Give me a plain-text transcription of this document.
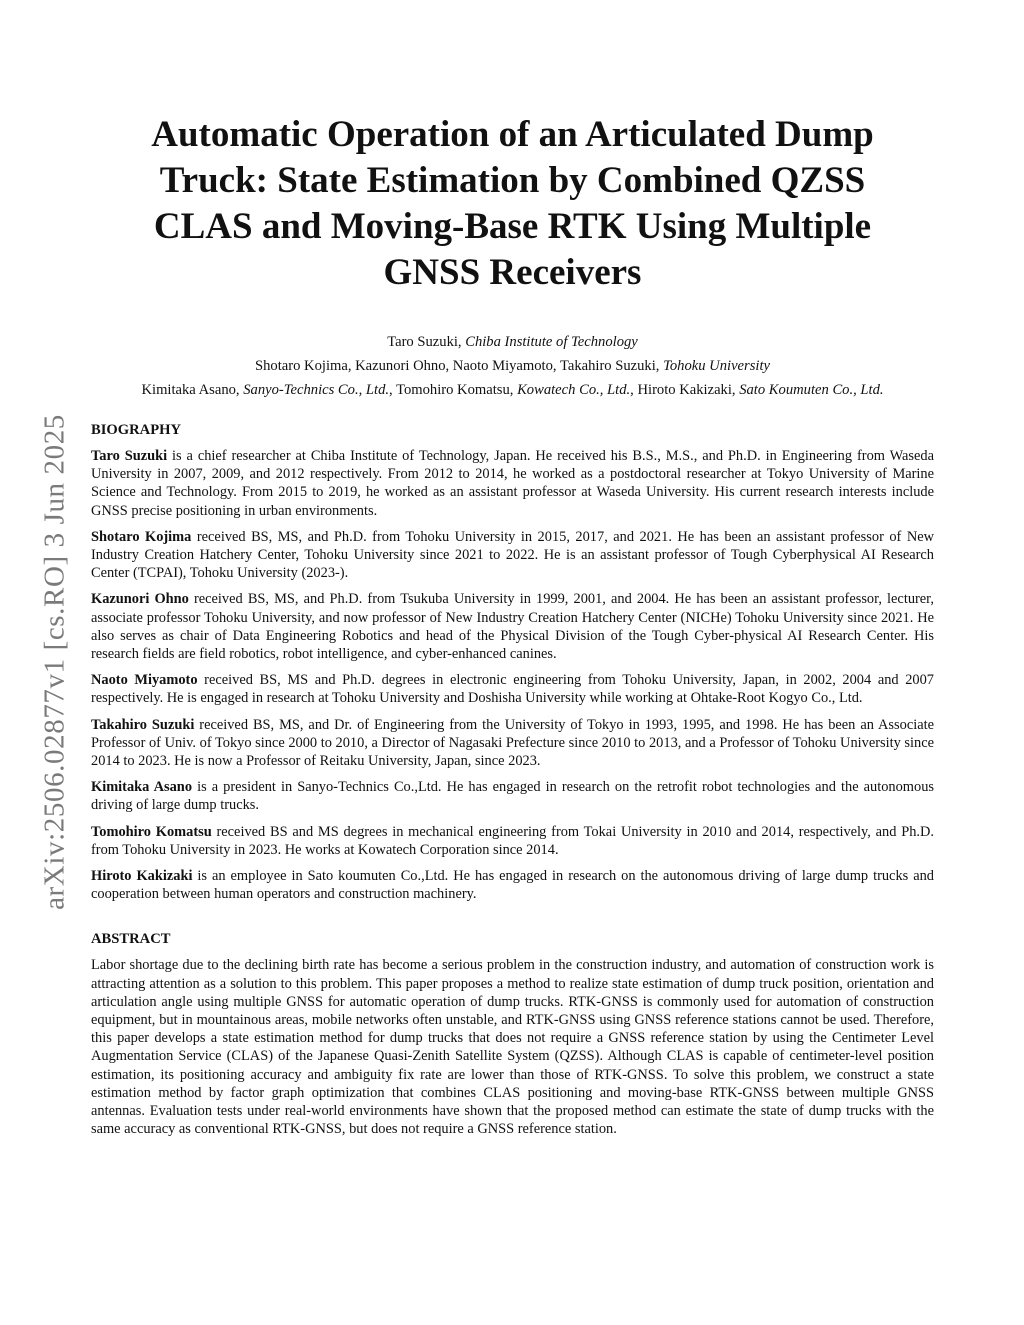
arXiv:2506.02877v1 [cs.RO] 3 Jun 2025
Automatic Operation of an Articulated Dump Truck: State Estimation by Combined QZSS CLAS and Moving-Base RTK Using Multiple GNSS Receivers
Taro Suzuki, Chiba Institute of Technology
Shotaro Kojima, Kazunori Ohno, Naoto Miyamoto, Takahiro Suzuki, Tohoku University
Kimitaka Asano, Sanyo-Technics Co., Ltd., Tomohiro Komatsu, Kowatech Co., Ltd., Hiroto Kakizaki, Sato Koumuten Co., Ltd.
BIOGRAPHY

Taro Suzuki is a chief researcher at Chiba Institute of Technology, Japan. He received his B.S., M.S., and Ph.D. in Engineering from Waseda University in 2007, 2009, and 2012 respectively. From 2012 to 2014, he worked as a postdoctoral researcher at Tokyo University of Marine Science and Technology. From 2015 to 2019, he worked as an assistant professor at Waseda University. His current research interests include GNSS precise positioning in urban environments.

Shotaro Kojima received BS, MS, and Ph.D. from Tohoku University in 2015, 2017, and 2021. He has been an assistant professor of New Industry Creation Hatchery Center, Tohoku University since 2021 to 2022. He is an assistant professor of Tough Cyberphysical AI Research Center (TCPAI), Tohoku University (2023-).

Kazunori Ohno received BS, MS, and Ph.D. from Tsukuba University in 1999, 2001, and 2004. He has been an assistant professor, lecturer, associate professor Tohoku University, and now professor of New Industry Creation Hatchery Center (NICHe) Tohoku University since 2021. He also serves as chair of Data Engineering Robotics and head of the Physical Division of the Tough Cyber-physical AI Research Center. His research fields are field robotics, robot intelligence, and cyber-enhanced canines.

Naoto Miyamoto received BS, MS and Ph.D. degrees in electronic engineering from Tohoku University, Japan, in 2002, 2004 and 2007 respectively. He is engaged in research at Tohoku University and Doshisha University while working at Ohtake-Root Kogyo Co., Ltd.

Takahiro Suzuki received BS, MS, and Dr. of Engineering from the University of Tokyo in 1993, 1995, and 1998. He has been an Associate Professor of Univ. of Tokyo since 2000 to 2010, a Director of Nagasaki Prefecture since 2010 to 2013, and a Professor of Tohoku University since 2014 to 2023. He is now a Professor of Reitaku University, Japan, since 2023.

Kimitaka Asano is a president in Sanyo-Technics Co.,Ltd. He has engaged in research on the retrofit robot technologies and the autonomous driving of large dump trucks.

Tomohiro Komatsu received BS and MS degrees in mechanical engineering from Tokai University in 2010 and 2014, respectively, and Ph.D. from Tohoku University in 2023. He works at Kowatech Corporation since 2014.

Hiroto Kakizaki is an employee in Sato koumuten Co.,Ltd. He has engaged in research on the autonomous driving of large dump trucks and cooperation between human operators and construction machinery.

ABSTRACT

Labor shortage due to the declining birth rate has become a serious problem in the construction industry, and automation of construction work is attracting attention as a solution to this problem. This paper proposes a method to realize state estimation of dump truck position, orientation and articulation angle using multiple GNSS for automatic operation of dump trucks. RTK-GNSS is commonly used for automation of construction equipment, but in mountainous areas, mobile networks often unstable, and RTK-GNSS using GNSS reference stations cannot be used. Therefore, this paper develops a state estimation method for dump trucks that does not require a GNSS reference station by using the Centimeter Level Augmentation Service (CLAS) of the Japanese Quasi-Zenith Satellite System (QZSS). Although CLAS is capable of centimeter-level position estimation, its positioning accuracy and ambiguity fix rate are lower than those of RTK-GNSS. To solve this problem, we construct a state estimation method by factor graph optimization that combines CLAS positioning and moving-base RTK-GNSS between multiple GNSS antennas. Evaluation tests under real-world environments have shown that the proposed method can estimate the state of dump trucks with the same accuracy as conventional RTK-GNSS, but does not require a GNSS reference station.
